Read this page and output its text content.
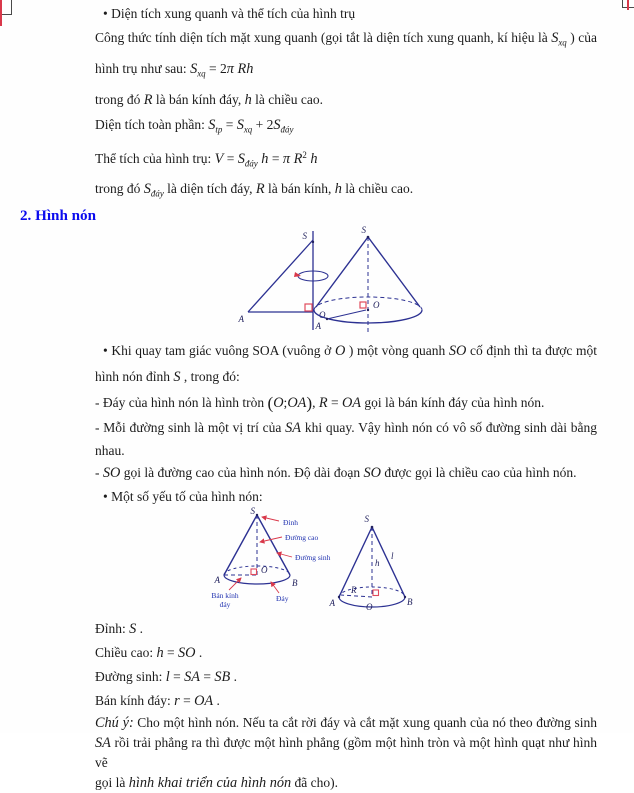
• Diện tích xung quanh và thể tích của hình trụ
Công thức tính diện tích mặt xung quanh (gọi tắt là diện tích xung quanh, kí hiệu là $S_{xq}$ ) của
hình trụ như sau: $S_{xq} = 2\pi$ Rh
trong đó R là bán kính đáy, h là chiều cao.
Diện tích toàn phần: $S_{tp} = S_{xq} + 2S_{đáy}$
Thể tích của hình trụ: $V = S_{đáy}$ h = π $R^2$ h
trong đó $S_{đáy}$ là diện tích đáy, R là bán kính, h là chiều cao.
2. Hình nón
S
A	O
S
O
A
• Khi quay tam giác vuông SOA (vuông ở O ) một vòng quanh SO cố định thì ta được một
hình nón đỉnh S , trong đó:
- Đáy của hình nón là hình tròn (O;OA), R = OA gọi là bán kính đáy của hình nón.
- Mỗi đường sinh là một vị trí của SA khi quay. Vậy hình nón có vô số đường sinh dài bằng
nhau.
- SO gọi là đường cao của hình nón. Độ dài đoạn SO được gọi là chiều cao của hình nón.
• Một số yếu tố của hình nón:
S
A	B
O
Đỉnh
Đường cao
Đường sinh
Bán kính
đáy
Đáy
S
A	B
O
h
l
R
Đỉnh: S .
Chiều cao: h = SO .
Đường sinh: l = SA = SB .
Bán kính đáy: r = OA .
Chú ý: Cho một hình nón. Nếu ta cắt rời đáy và cắt mặt xung quanh của nó theo đường sinh
SA rồi trải phẳng ra thì được một hình phẳng (gồm một hình tròn và một hình quạt như hình vẽ
gọi là hình khai triển của hình nón đã cho).
